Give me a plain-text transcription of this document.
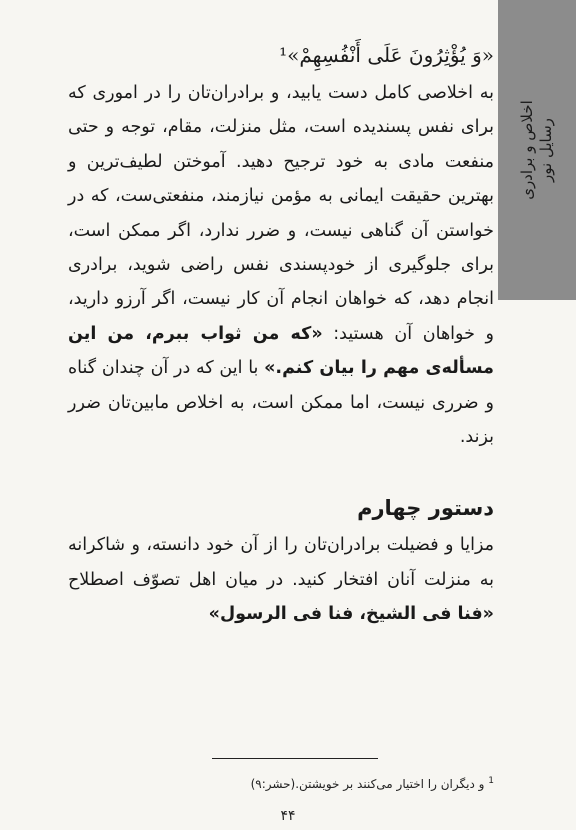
اخلاص و برادری رسایل نور

«وَ يُؤْثِرُونَ عَلَى أَنْفُسِهِمْ»¹

به اخلاصی کامل دست یابید، و برادران‌تان را در اموری که برای نفس پسندیده است، مثل منزلت، مقام، توجه و حتی منفعت مادی به خود ترجیح دهید. آموختن لطیف‌ترین و بهترین حقیقت ایمانی به مؤمن نیازمند، منفعتی‌ست، که در خواستن آن گناهی نیست، و ضرر ندارد، اگر ممکن است، برای جلوگیری از خودپسندی نفس راضی شوید، برادری انجام دهد، که خواهان انجام آن کار نیست، اگر آرزو دارید، و خواهان آن هستید: «که من ثواب ببرم، من این مسأله‌ی مهم را بیان کنم.» با این که در آن چندان گناه و ضرری نیست، اما ممکن است، به اخلاص مابین‌تان ضرر بزند.

دستور چهارم

مزایا و فضیلت برادران‌تان را از آن خود دانسته، و شاکرانه به منزلت آنان افتخار کنید. در میان اهل تصوّف اصطلاح «فنا فی الشیخ، فنا فی الرسول»

$^1$ و دیگران را اختیار می‌کنند بر خویشتن.(حشر:۹)
۴۴
